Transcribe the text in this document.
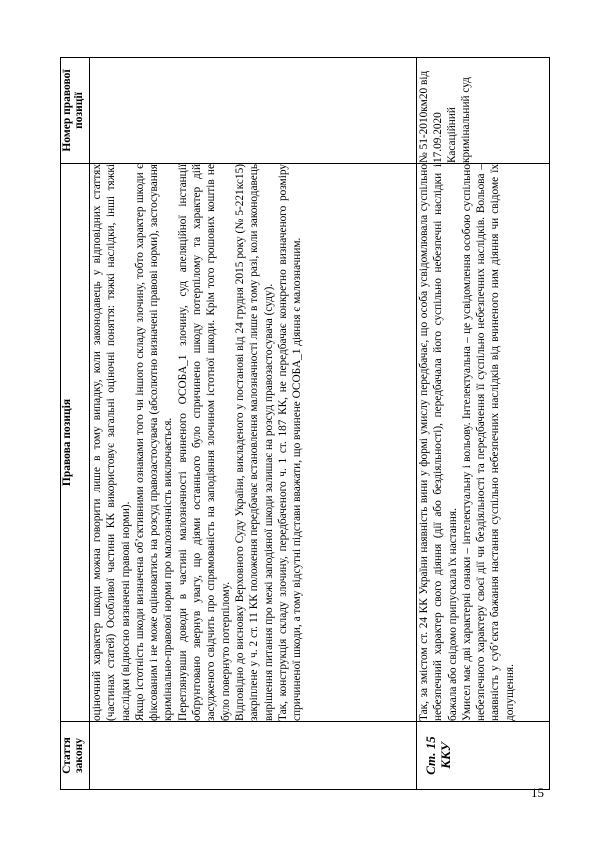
Стаття закону	Правова позиція	Номер правової позиції

	оціночний характер шкоди можна говорити лише в тому випадку, коли законодавець у відповідних статтях (частинах статей) Особливої частини КК використовує загальні оціночні поняття: тяжкі наслідки, інші тяжкі наслідки (відносно визначені правові норми). Якщо істотність шкоди визначена об’єктивними ознаками того чи іншого складу злочину, тобто характер шкоди є фіксованим і не може оцінюватись на розсуд правозастосувача (абсолютно визначені правові норми), застосування кримінально-правової норми про малозначність виключається. Переглянувши доводи в частині малозначності вчиненого ОСОБА_1 злочину, суд апеляційної інстанції обґрунтовано звернув увагу, що діями останнього було спричинено шкоду потерпілому та характер дій засудженого свідчить про спрямованість на заподіяння злочином істотної шкоди. Крім того грошових коштів не було повернуто потерпілому. Відповідно до висновку Верховного Суду України, викладеного у постанові від 24 грудня 2015 року (№ 5-221кс15) закріплене у ч. 2 ст. 11 КК положення передбачає встановлення малозначності лише в тому разі, коли законодавець вирішення питання про межі заподіяної шкоди залишає на розсуд правозастосувача (суду). Так, конструкція складу злочину, передбаченого ч. 1 ст. 187 КК, не передбачає конкретно визначеного розміру спричиненої шкоди, а тому відсутні підстави вважати, що вчинене ОСОБА_1 діяння є малозначним.	

Ст. 15 ККУ	Так, за змістом ст. 24 КК України наявність вини у формі умислу передбачає, що особа усвідомлювала суспільно небезпечний характер свого діяння (дії або бездіяльності), передбачала його суспільно небезпечні наслідки і бажала або свідомо припускала їх настання. Умисел має дві характерні ознаки – інтелектуальну і вольову. Інтелектуальна – це усвідомлення особою суспільно небезпечного характеру своєї дії чи бездіяльності та передбачення її суспільно небезпечних наслідків. Вольова – наявність у суб’єкта бажання настання суспільно небезпечних наслідків від вчиненого ним діяння чи свідоме їх допущення.	№ 51-2010км20 від 17.09.2020 Касаційний кримінальний суд

15
